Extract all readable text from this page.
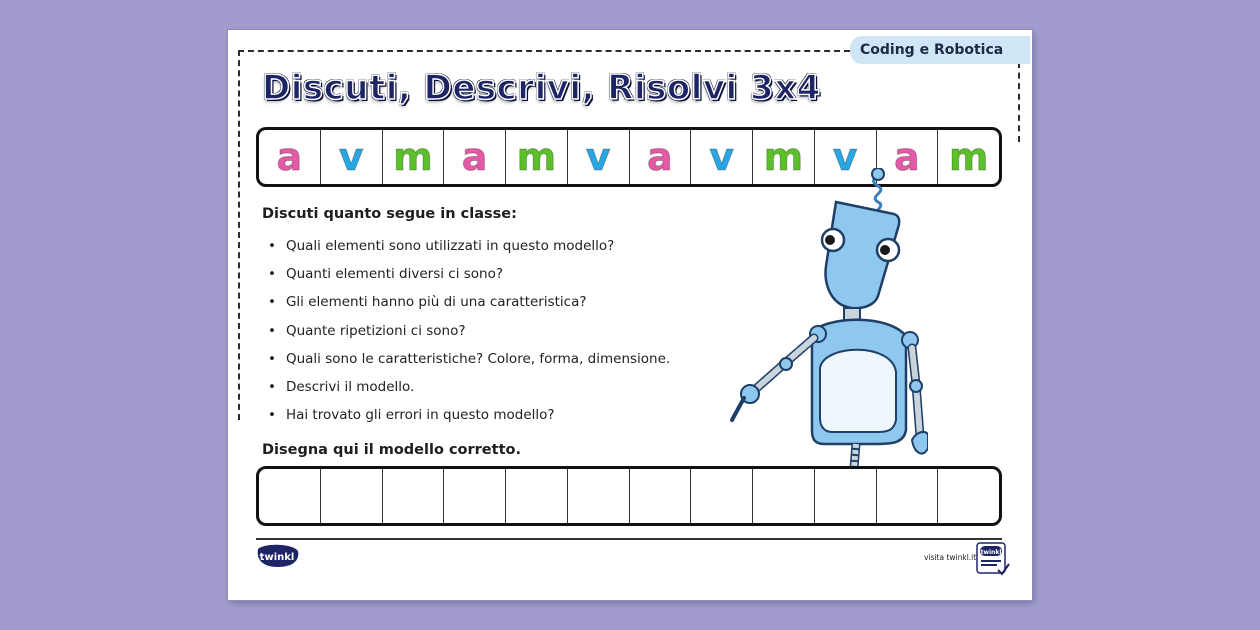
Coding e Robotica
Discuti, Descrivi, Risolvi 3x4
a v m a m v a v m v a m
Discuti quanto segue in classe:
• Quali elementi sono utilizzati in questo modello?
• Quanti elementi diversi ci sono?
• Gli elementi hanno più di una caratteristica?
• Quante ripetizioni ci sono?
• Quali sono le caratteristiche? Colore, forma, dimensione.
• Descrivi il modello.
• Hai trovato gli errori in questo modello?
Disegna qui il modello corretto.
twinkl	visita twinkl.it
twinkl
